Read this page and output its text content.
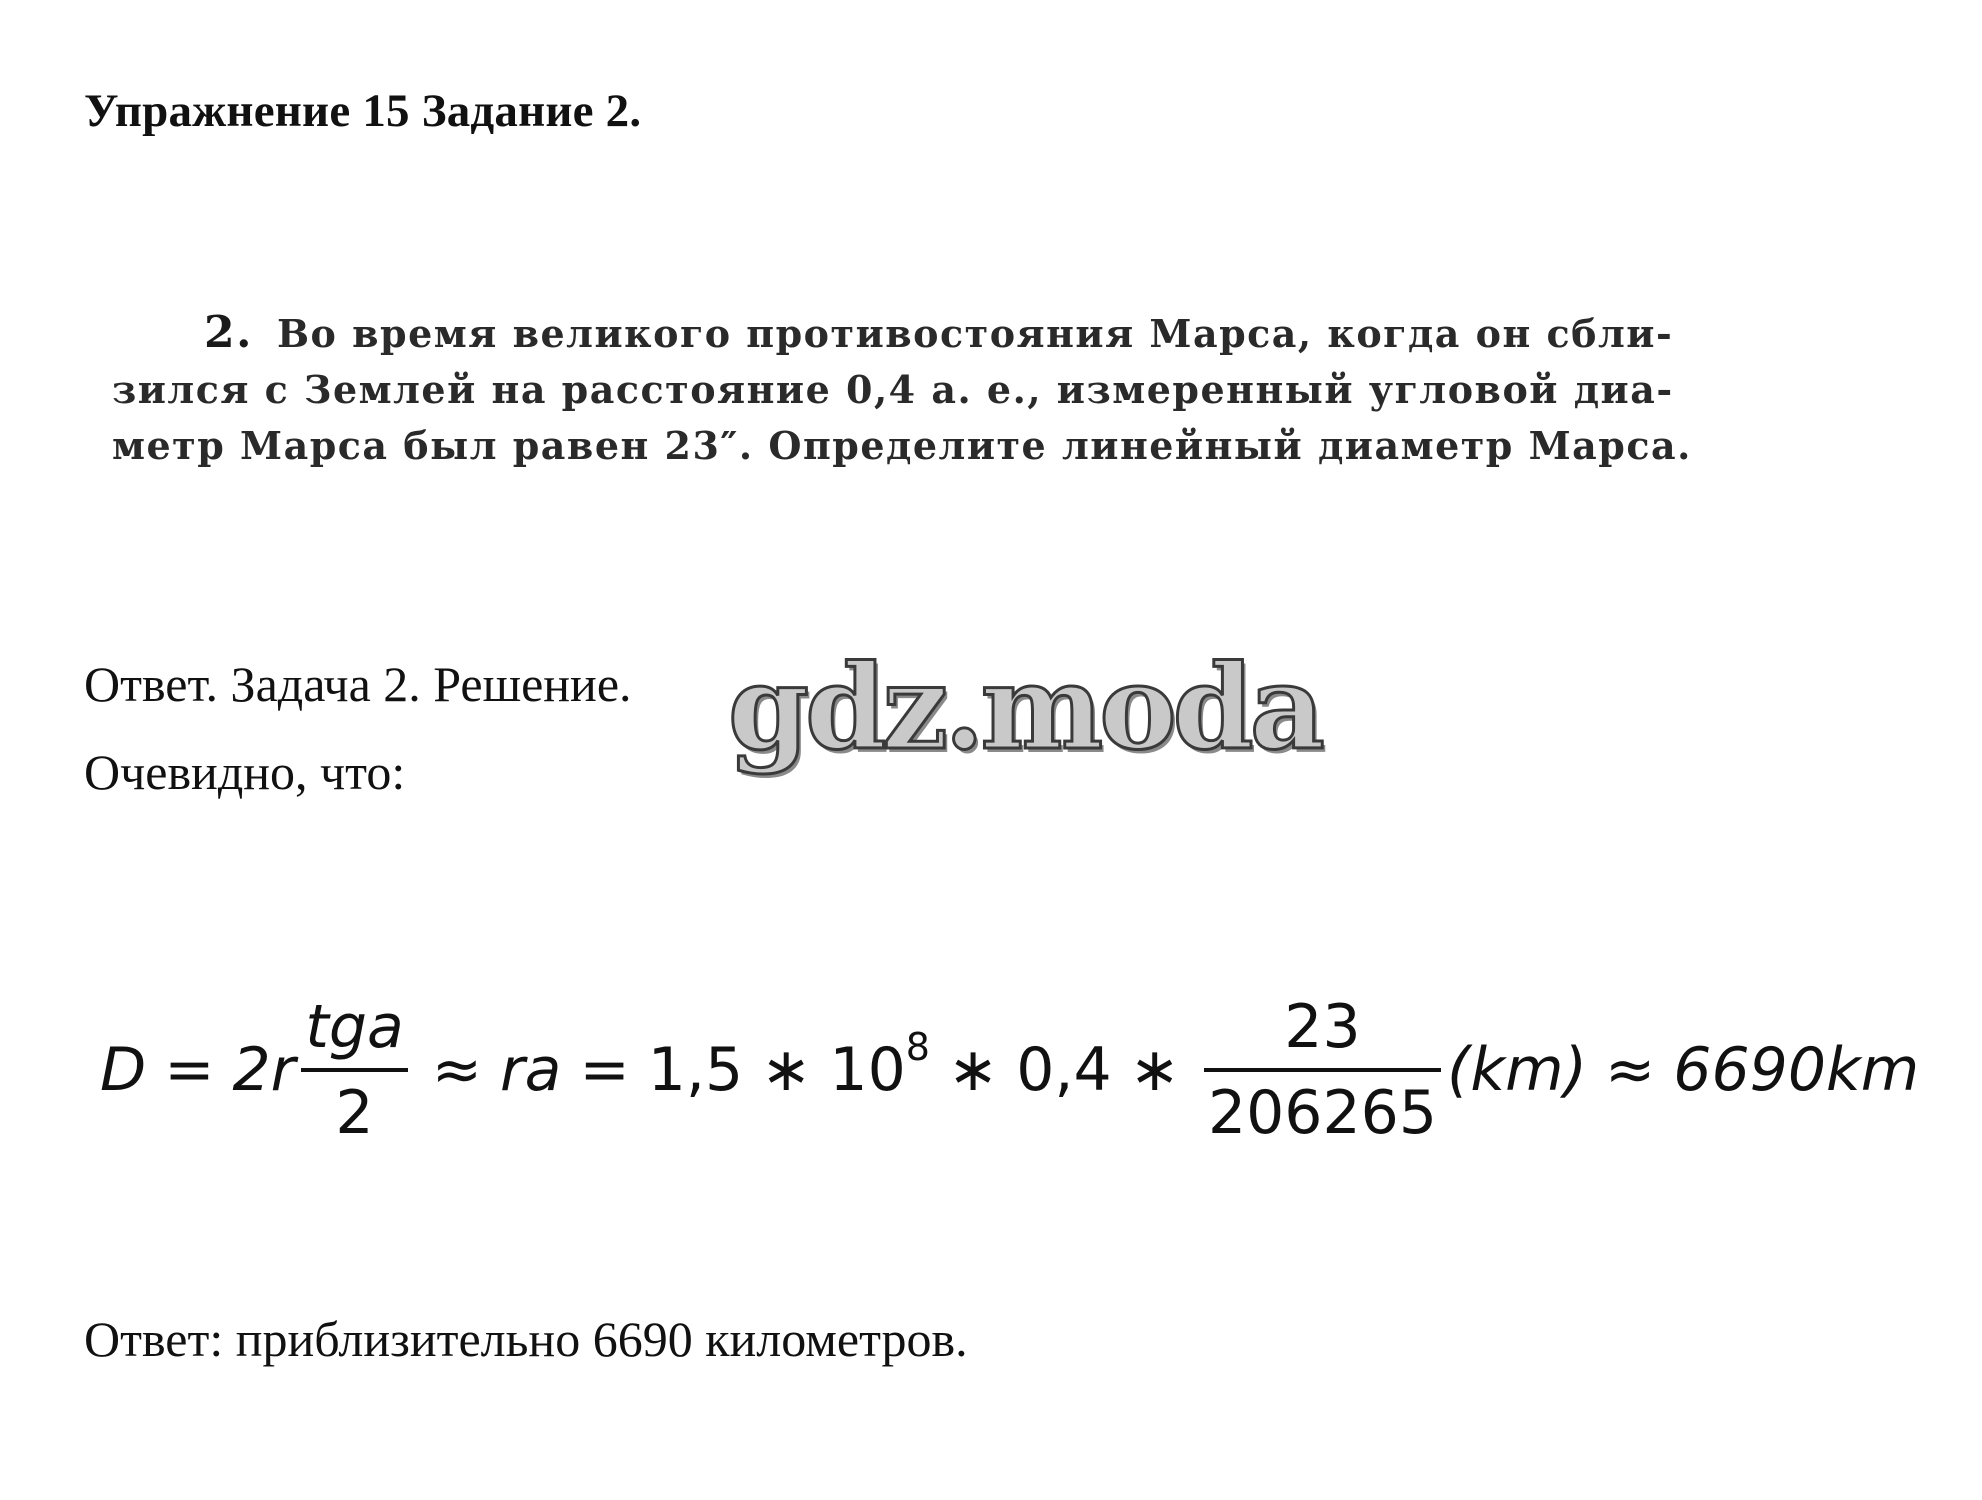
Упражнение 15 Задание 2.
2. Во время великого противостояния Марса, когда он сбли-
зился с Землей на расстояние 0,4 а. е., измеренный угловой диа-
метр Марса был равен 23″. Определите линейный диаметр Марса.
Ответ. Задача 2. Решение. gdz.moda
Очевидно, что:
$D = 2r \frac{\text{tga}}{2}$ ≈ ra = 1,5 ∗ $10^8$ ∗ 0,4 ∗ $\frac{23}{206265} (km) \approx 6690km$
Ответ: приблизительно 6690 километров.
